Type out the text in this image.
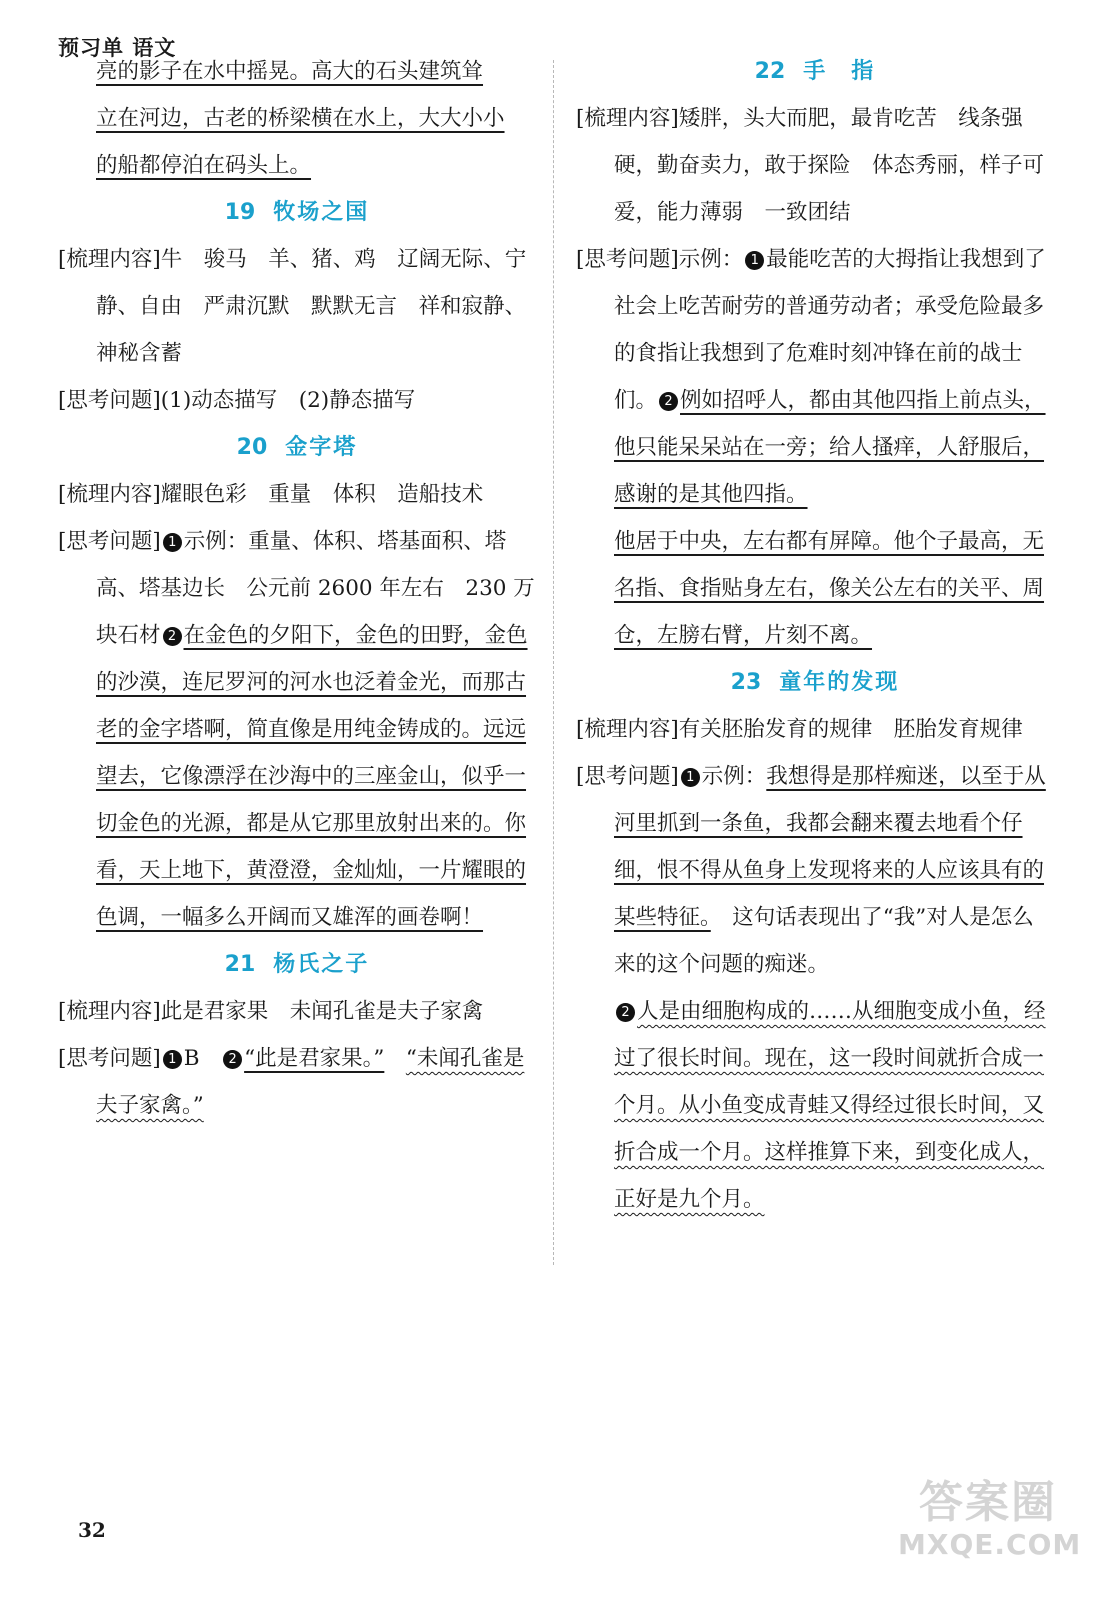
预习单 语文
亮的影子在水中摇晃。高大的石头建筑耸
立在河边，古老的桥梁横在水上，大大小小
的船都停泊在码头上。
19 牧场之国
[梳理内容]牛　骏马　羊、猪、鸡　辽阔无际、宁静、自由　严肃沉默　默默无言　祥和寂静、神秘含蓄
[思考问题](1)动态描写　(2)静态描写
20 金字塔
[梳理内容]耀眼色彩　重量　体积　造船技术
[思考问题] 1 示例：重量、体积、塔基面积、塔高、塔基边长　公元前 2600 年左右　230 万块石材 2 在金色的夕阳下，金色的田野，金色的沙漠，连尼罗河的河水也泛着金光，而那古老的金字塔啊，简直像是用纯金铸成的。远远望去，它像漂浮在沙海中的三座金山，似乎一切金色的光源，都是从它那里放射出来的。你看，天上地下，黄澄澄，金灿灿，一片耀眼的色调，一幅多么开阔而又雄浑的画卷啊！
21 杨氏之子
[梳理内容]此是君家果　未闻孔雀是夫子家禽
[思考问题] 1 B　 2 “此是君家果。”　 “未闻孔雀是夫子家禽。”
22 手　指
[梳理内容]矮胖，头大而肥，最肯吃苦　线条强硬，勤奋卖力，敢于探险　体态秀丽，样子可爱，能力薄弱　一致团结
[思考问题]示例： 1 最能吃苦的大拇指让我想到了社会上吃苦耐劳的普通劳动者；承受危险最多的食指让我想到了危难时刻冲锋在前的战士们。 2 例如招呼人，都由其他四指上前点头，他只能呆呆站在一旁；给人搔痒，人舒服后，感谢的是其他四指。
他居于中央，左右都有屏障。他个子最高，无名指、食指贴身左右，像关公左右的关平、周仓，左膀右臂，片刻不离。
23 童年的发现
[梳理内容]有关胚胎发育的规律　胚胎发育规律
[思考问题] 1 示例：我想得是那样痴迷，以至于从河里抓到一条鱼，我都会翻来覆去地看个仔细，恨不得从鱼身上发现将来的人应该具有的某些特征。　 这句话表现出了“我”对人是怎么来的这个问题的痴迷。
2 人是由细胞构成的……从细胞变成小鱼，经过了很长时间。现在，这一段时间就折合成一个月。从小鱼变成青蛙又得经过很长时间，又折合成一个月。这样推算下来，到变化成人，正好是九个月。
32
答案圈
MXQE.COM
